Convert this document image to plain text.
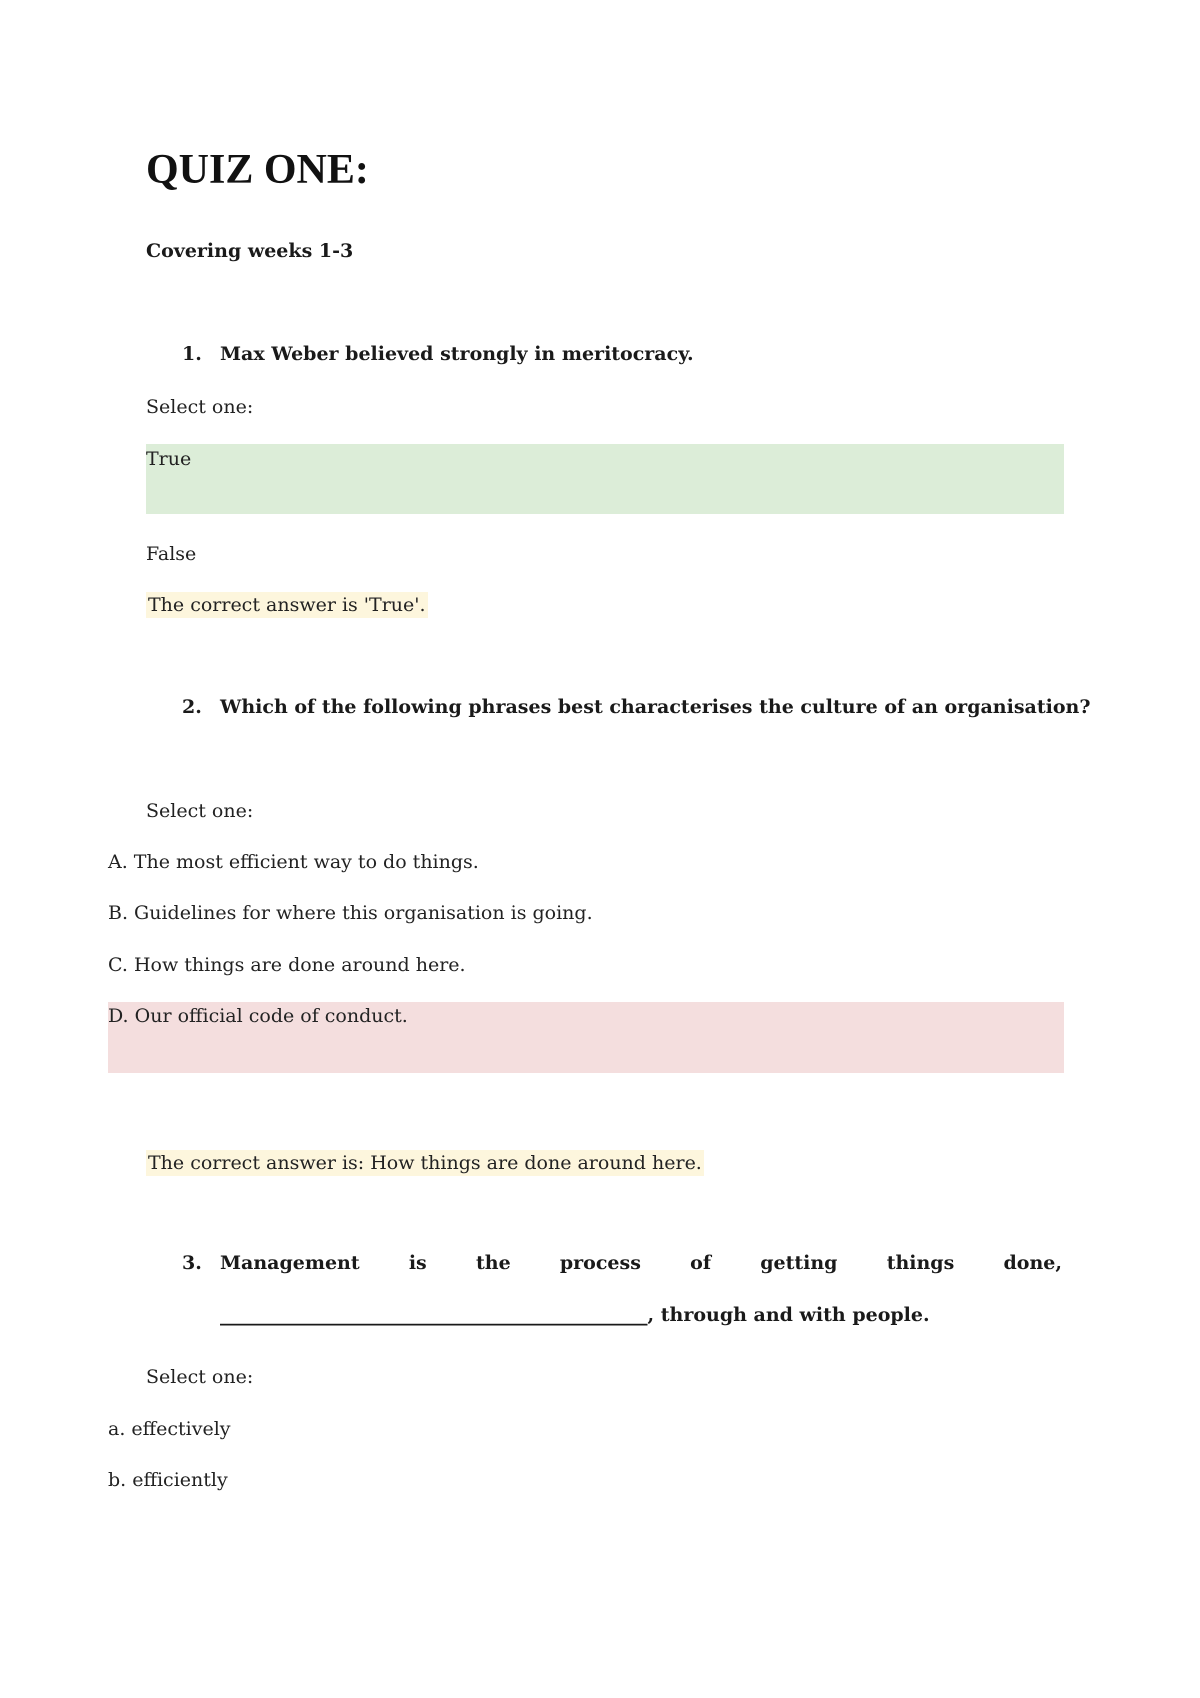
QUIZ ONE:
Covering weeks 1-3
1. Max Weber believed strongly in meritocracy.
Select one:
True
False
The correct answer is 'True'.
2. Which of the following phrases best characterises the culture of an organisation?
Select one:
A. The most efficient way to do things.
B. Guidelines for where this organisation is going.
C. How things are done around here.
D. Our official code of conduct.
The correct answer is: How things are done around here.
3. Management	is	the	process	of	getting	things	done,
_____________________________________________, through and with people.
Select one:
a. effectively
b. efficiently
